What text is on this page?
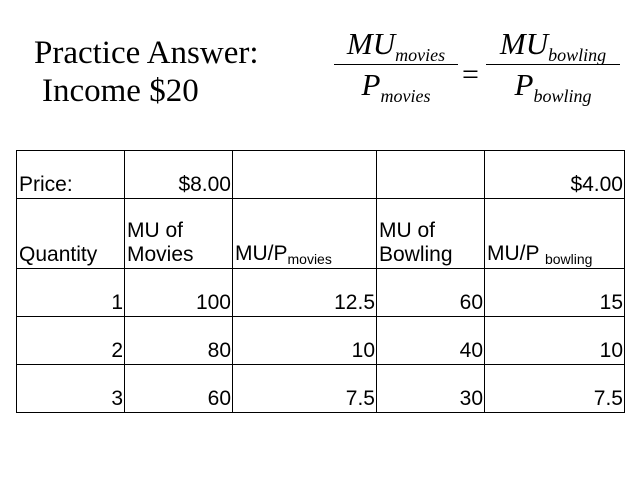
Practice Answer:
Income $20
MUmovies
Pmovies
=
MUbowling
Pbowling
Price:	$8.00			$4.00
Quantity	MU of Movies	MU/Pmovies	MU of Bowling	MU/P bowling
1	100	12.5	60	15
2	80	10	40	10
3	60	7.5	30	7.5
